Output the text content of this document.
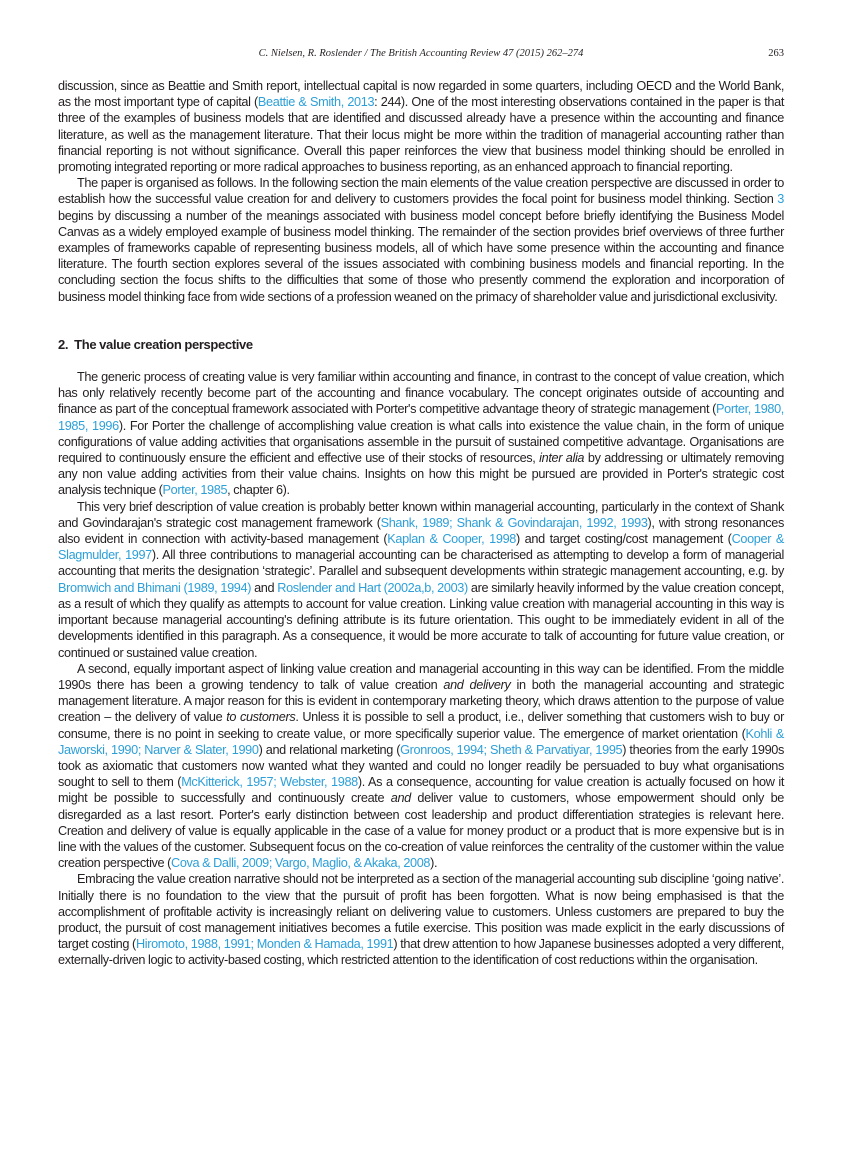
C. Nielsen, R. Roslender / The British Accounting Review 47 (2015) 262–274	263

discussion, since as Beattie and Smith report, intellectual capital is now regarded in some quarters, including OECD and the World Bank, as the most important type of capital (Beattie & Smith, 2013: 244). One of the most interesting observations contained in the paper is that three of the examples of business models that are identified and discussed already have a presence within the accounting and finance literature, as well as the management literature. That their locus might be more within the tradition of managerial accounting rather than financial reporting is not without significance. Overall this paper reinforces the view that business model thinking should be enrolled in promoting integrated reporting or more radical approaches to business reporting, as an enhanced approach to financial reporting.

The paper is organised as follows. In the following section the main elements of the value creation perspective are discussed in order to establish how the successful value creation for and delivery to customers provides the focal point for business model thinking. Section 3 begins by discussing a number of the meanings associated with business model concept before briefly identifying the Business Model Canvas as a widely employed example of business model thinking. The remainder of the section provides brief overviews of three further examples of frameworks capable of representing business models, all of which have some presence within the accounting and finance literature. The fourth section explores several of the issues associated with combining business models and financial reporting. In the concluding section the focus shifts to the difficulties that some of those who presently commend the exploration and incorporation of business model thinking face from wide sections of a profession weaned on the primacy of shareholder value and jurisdictional exclusivity.

2. The value creation perspective

The generic process of creating value is very familiar within accounting and finance, in contrast to the concept of value creation, which has only relatively recently become part of the accounting and finance vocabulary. The concept originates outside of accounting and finance as part of the conceptual framework associated with Porter's competitive advantage theory of strategic management (Porter, 1980, 1985, 1996). For Porter the challenge of accomplishing value creation is what calls into existence the value chain, in the form of unique configurations of value adding activities that organisations assemble in the pursuit of sustained competitive advantage. Organisations are required to continuously ensure the efficient and effective use of their stocks of resources, inter alia by addressing or ultimately removing any non value adding activities from their value chains. Insights on how this might be pursued are provided in Porter's strategic cost analysis technique (Porter, 1985, chapter 6).

This very brief description of value creation is probably better known within managerial accounting, particularly in the context of Shank and Govindarajan's strategic cost management framework (Shank, 1989; Shank & Govindarajan, 1992, 1993), with strong resonances also evident in connection with activity-based management (Kaplan & Cooper, 1998) and target costing/cost management (Cooper & Slagmulder, 1997). All three contributions to managerial accounting can be characterised as attempting to develop a form of managerial accounting that merits the designation ‘strategic’. Parallel and subsequent developments within strategic management accounting, e.g. by Bromwich and Bhimani (1989, 1994) and Roslender and Hart (2002a,b, 2003) are similarly heavily informed by the value creation concept, as a result of which they qualify as attempts to account for value creation. Linking value creation with managerial accounting in this way is important because managerial accounting's defining attribute is its future orientation. This ought to be immediately evident in all of the developments identified in this paragraph. As a consequence, it would be more accurate to talk of accounting for future value creation, or continued or sustained value creation.

A second, equally important aspect of linking value creation and managerial accounting in this way can be identified. From the middle 1990s there has been a growing tendency to talk of value creation and delivery in both the managerial accounting and strategic management literature. A major reason for this is evident in contemporary marketing theory, which draws attention to the purpose of value creation – the delivery of value to customers. Unless it is possible to sell a product, i.e., deliver something that customers wish to buy or consume, there is no point in seeking to create value, or more specifically superior value. The emergence of market orientation (Kohli & Jaworski, 1990; Narver & Slater, 1990) and relational marketing (Gronroos, 1994; Sheth & Parvatiyar, 1995) theories from the early 1990s took as axiomatic that customers now wanted what they wanted and could no longer readily be persuaded to buy what organisations sought to sell to them (McKitterick, 1957; Webster, 1988). As a consequence, accounting for value creation is actually focused on how it might be possible to successfully and continuously create and deliver value to customers, whose empowerment should only be disregarded as a last resort. Porter's early distinction between cost leadership and product differentiation strategies is relevant here. Creation and delivery of value is equally applicable in the case of a value for money product or a product that is more expensive but is in line with the values of the customer. Subsequent focus on the co-creation of value reinforces the centrality of the customer within the value creation perspective (Cova & Dalli, 2009; Vargo, Maglio, & Akaka, 2008).

Embracing the value creation narrative should not be interpreted as a section of the managerial accounting sub discipline ‘going native’. Initially there is no foundation to the view that the pursuit of profit has been forgotten. What is now being emphasised is that the accomplishment of profitable activity is increasingly reliant on delivering value to customers. Unless customers are prepared to buy the product, the pursuit of cost management initiatives becomes a futile exercise. This position was made explicit in the early discussions of target costing (Hiromoto, 1988, 1991; Monden & Hamada, 1991) that drew attention to how Japanese businesses adopted a very different, externally-driven logic to activity-based costing, which restricted attention to the identification of cost reductions within the organisation.
